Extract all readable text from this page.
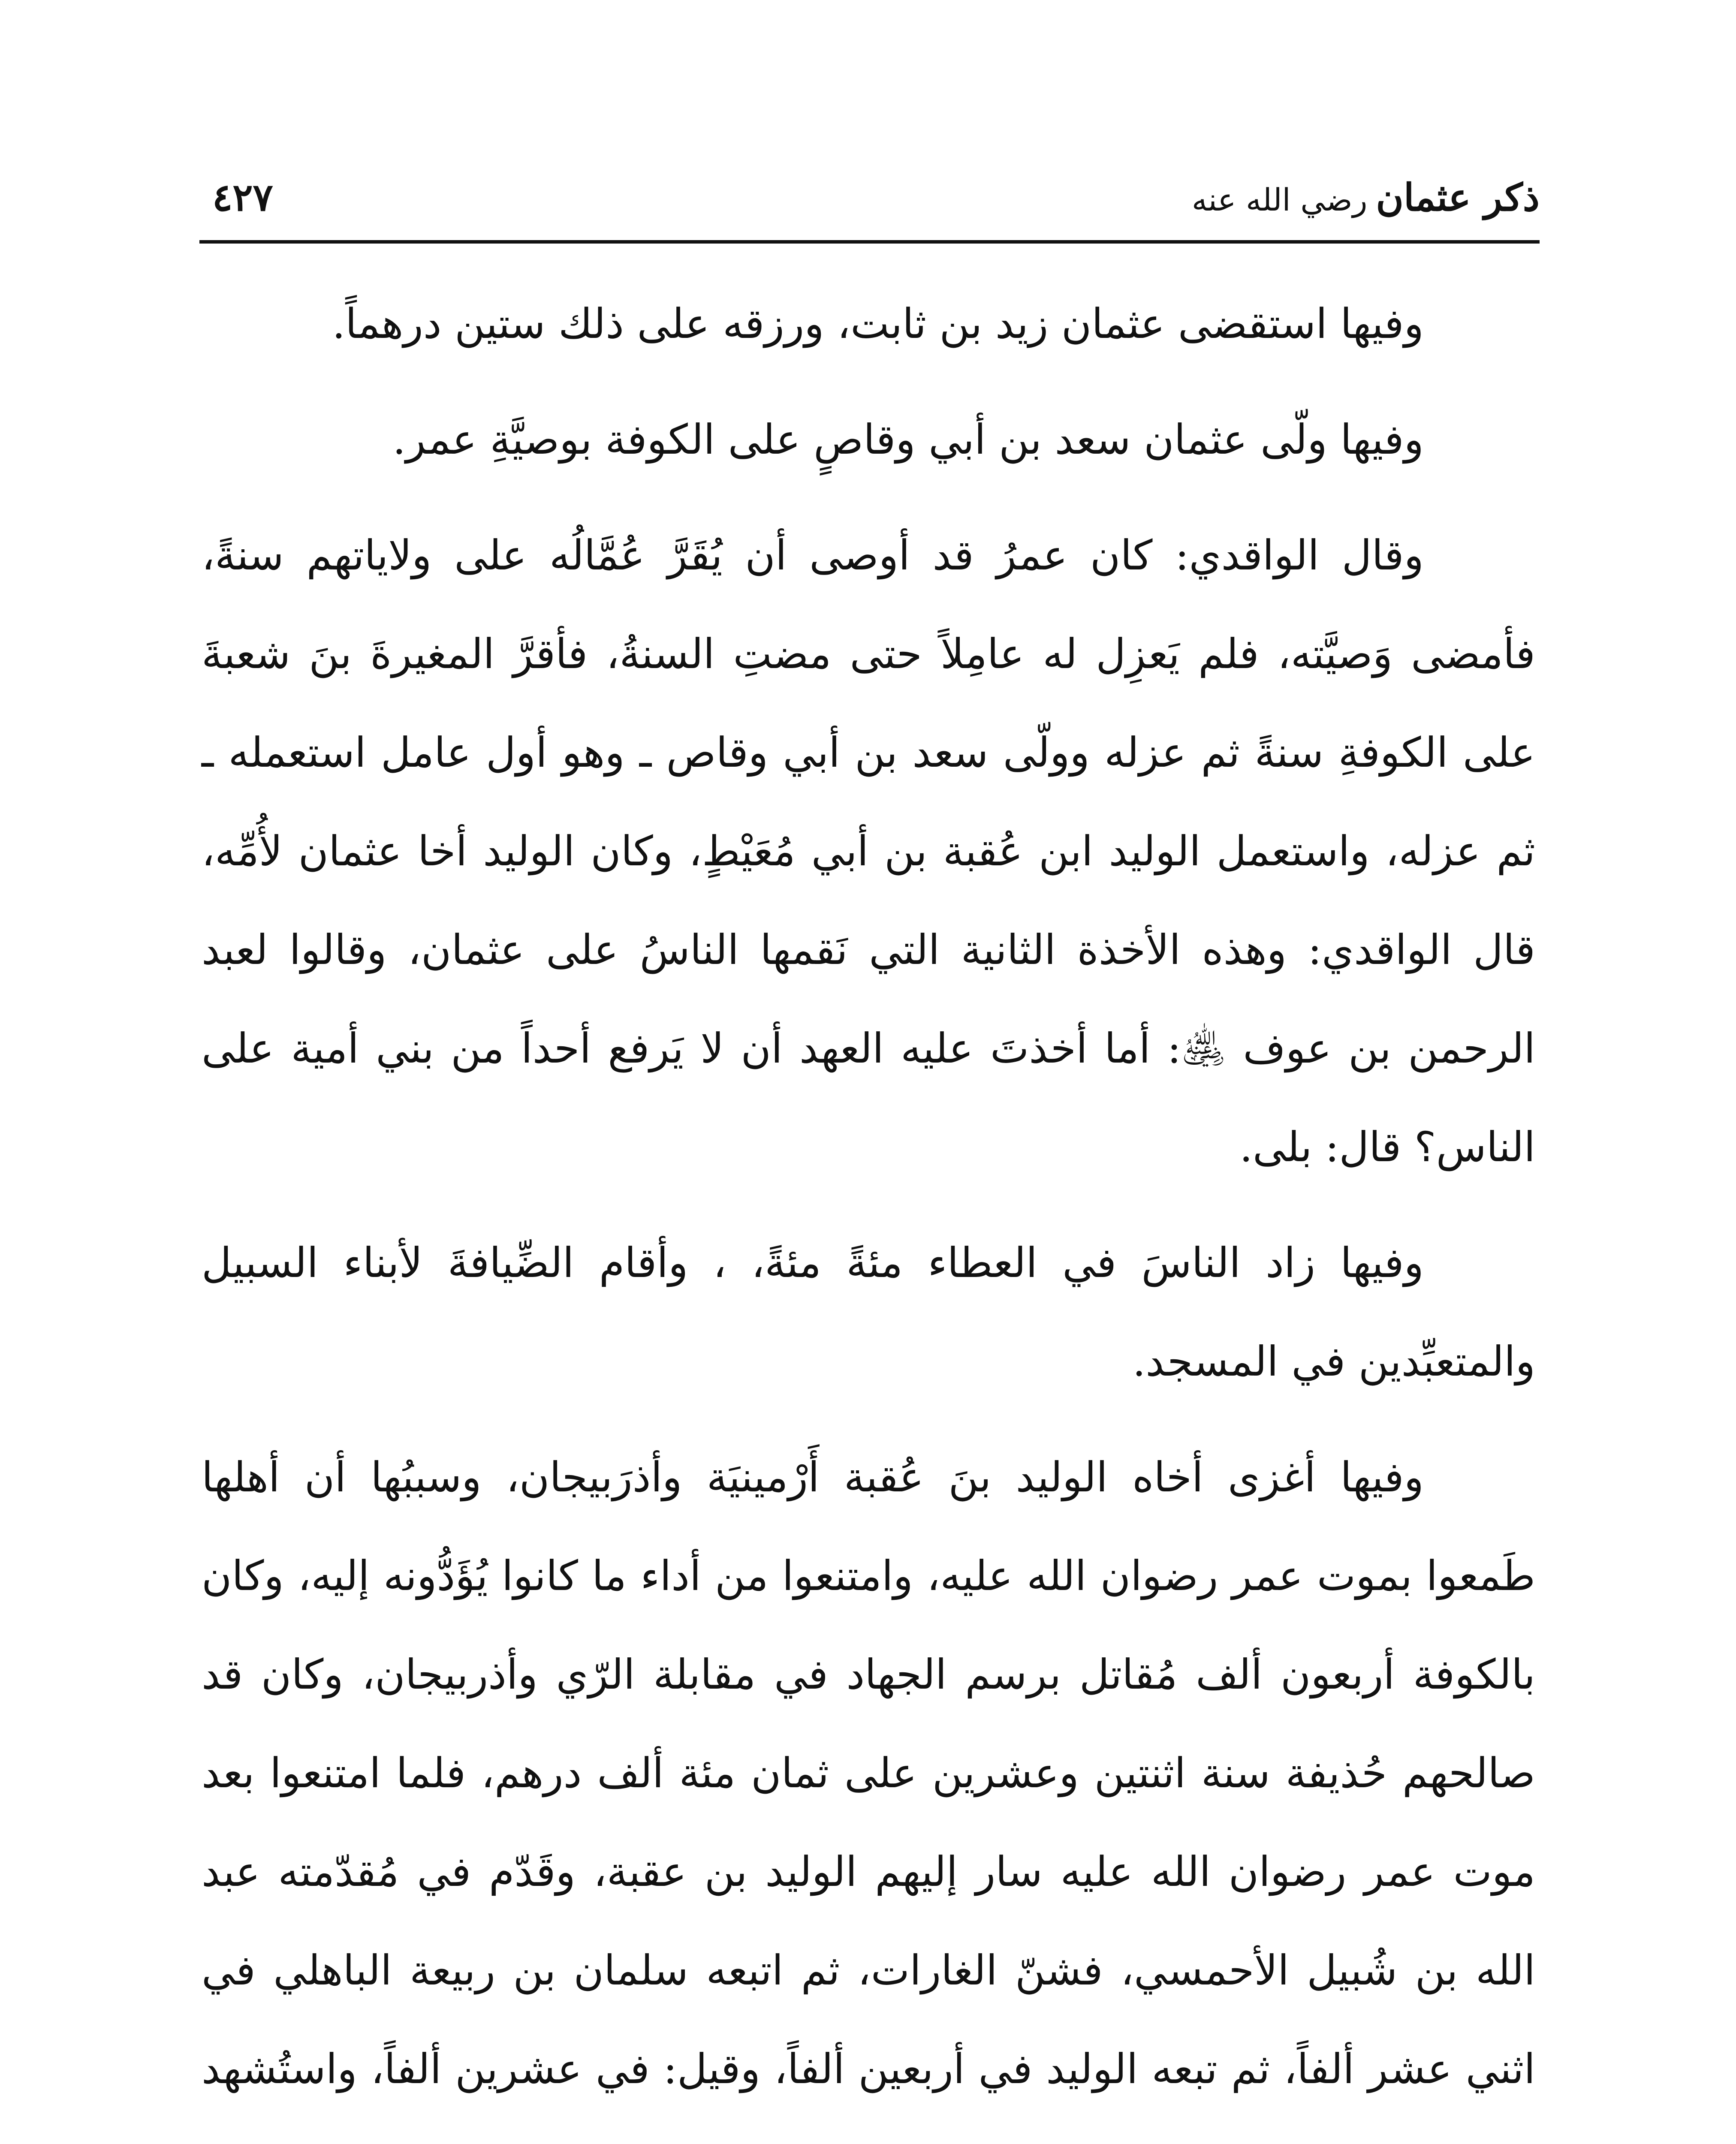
ذكر عثمانرضي الله عنه
٤٢٧

وفيها استقضى عثمان زيد بن ثابت، ورزقه على ذلك ستين درهماً.

وفيها ولّى عثمان سعد بن أبي وقاصٍ على الكوفة بوصيَّةِ عمر.

وقال الواقدي: كان عمرُ قد أوصى أن يُقَرَّ عُمَّالُه على ولاياتهم سنةً، فأمضى وَصيَّته، فلم يَعزِل له عامِلاً حتى مضتِ السنةُ، فأقرَّ المغيرةَ بنَ شعبةَ على الكوفةِ سنةً ثم عزله وولّى سعد بن أبي وقاص ـ وهو أول عامل استعمله ـ ثم عزله، واستعمل الوليد ابن عُقبة بن أبي مُعَيْطٍ، وكان الوليد أخا عثمان لأُمِّه، قال الواقدي: وهذه الأخذة الثانية التي نَقمها الناسُ على عثمان، وقالوا لعبد الرحمن بن عوف ﵁: أما أخذتَ عليه العهد أن لا يَرفع أحداً من بني أمية على الناس؟ قال: بلى.

وفيها زاد الناسَ في العطاء مئةً مئةً، ، وأقام الضِّيافةَ لأبناء السبيل والمتعبِّدين في المسجد.

وفيها أغزى أخاه الوليد بنَ عُقبة أَرْمينيَة وأذرَبيجان، وسببُها أن أهلها طَمعوا بموت عمر رضوان الله عليه، وامتنعوا من أداء ما كانوا يُؤَدُّونه إليه، وكان بالكوفة أربعون ألف مُقاتل برسم الجهاد في مقابلة الرّي وأذربيجان، وكان قد صالحهم حُذيفة سنة اثنتين وعشرين على ثمان مئة ألف درهم، فلما امتنعوا بعد موت عمر رضوان الله عليه سار إليهم الوليد بن عقبة، وقَدّم في مُقدّمته عبد الله بن شُبيل الأحمسي، فشنّ الغارات، ثم اتبعه سلمان بن ربيعة الباهلي في اثني عشر ألفاً، ثم تبعه الوليد في أربعين ألفاً، وقيل: في عشرين ألفاً، واستُشهد
